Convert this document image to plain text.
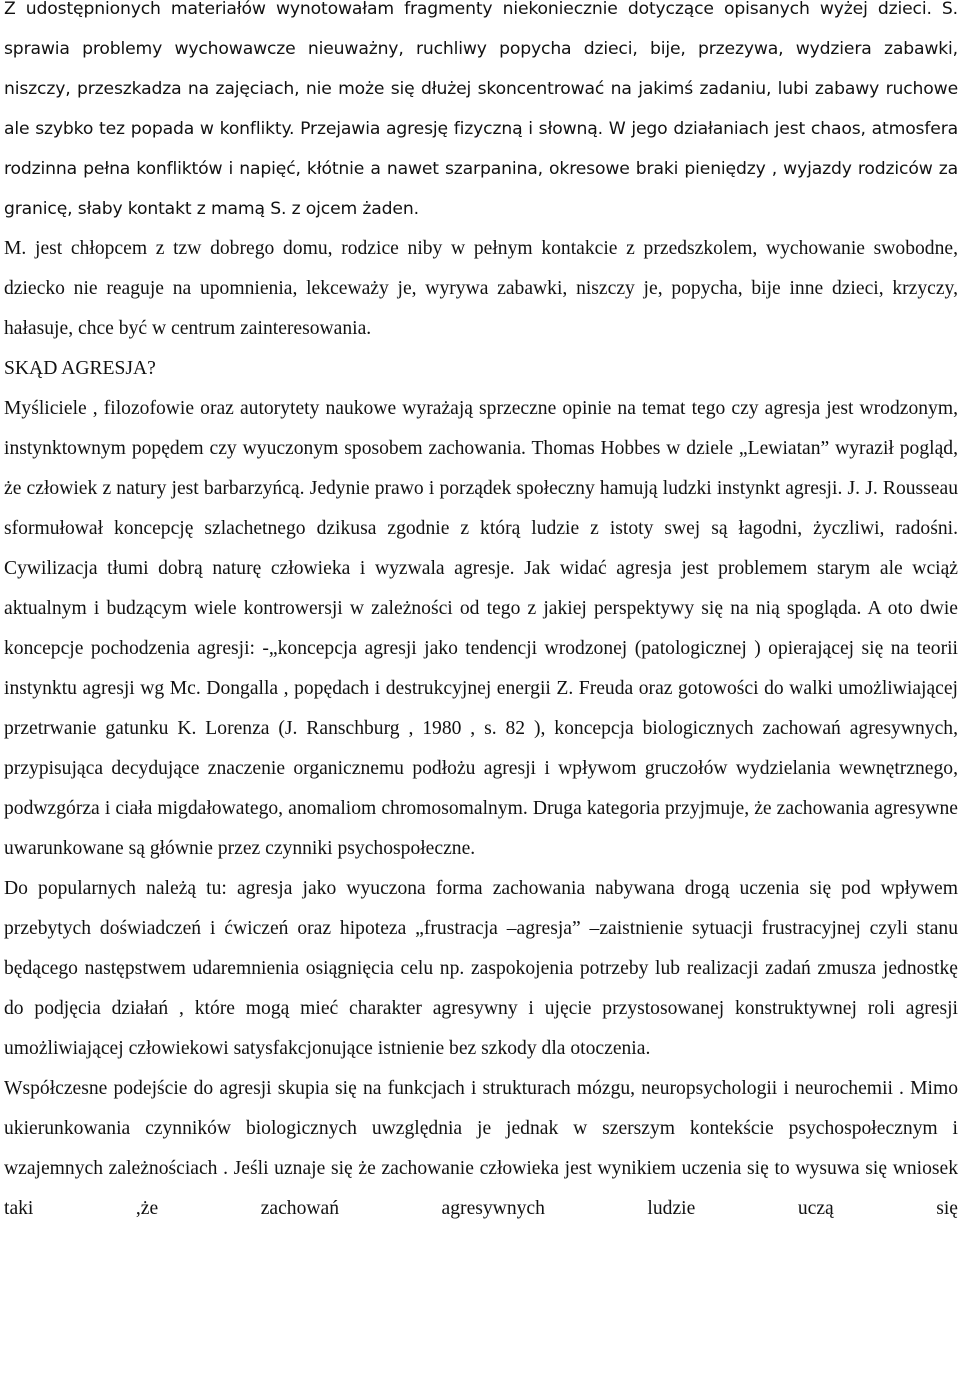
Z udostępnionych materiałów wynotowałam fragmenty niekoniecznie dotyczące opisanych wyżej dzieci. S. sprawia problemy wychowawcze nieuważny, ruchliwy popycha dzieci, bije, przezywa, wydziera zabawki, niszczy, przeszkadza na zajęciach, nie może się dłużej skoncentrować na jakimś zadaniu, lubi zabawy ruchowe ale szybko tez popada w konflikty. Przejawia agresję fizyczną i słowną. W jego działaniach jest chaos, atmosfera rodzinna pełna konfliktów i napięć, kłótnie a nawet szarpanina, okresowe braki pieniędzy , wyjazdy rodziców za granicę, słaby kontakt z mamą S. z ojcem żaden.

M. jest chłopcem z tzw dobrego domu, rodzice niby w pełnym kontakcie z przedszkolem, wychowanie swobodne, dziecko nie reaguje na upomnienia, lekceważy je, wyrywa zabawki, niszczy je, popycha, bije inne dzieci, krzyczy, hałasuje, chce być w centrum zainteresowania.

SKĄD AGRESJA?

Myśliciele , filozofowie oraz autorytety naukowe wyrażają sprzeczne opinie na temat tego czy agresja jest wrodzonym, instynktownym popędem czy wyuczonym sposobem zachowania. Thomas Hobbes w dziele „Lewiatan” wyraził pogląd, że człowiek z natury jest barbarzyńcą. Jedynie prawo i porządek społeczny hamują ludzki instynkt agresji. J. J. Rousseau sformułował koncepcję szlachetnego dzikusa zgodnie z którą ludzie z istoty swej są łagodni, życzliwi, radośni. Cywilizacja tłumi dobrą naturę człowieka i wyzwala agresje. Jak widać agresja jest problemem starym ale wciąż aktualnym i budzącym wiele kontrowersji w zależności od tego z jakiej perspektywy się na nią spogląda. A oto dwie koncepcje pochodzenia agresji: -„koncepcja agresji jako tendencji wrodzonej (patologicznej ) opierającej się na teorii instynktu agresji wg Mc. Dongalla , popędach i destrukcyjnej energii Z. Freuda oraz gotowości do walki umożliwiającej przetrwanie gatunku K. Lorenza (J. Ranschburg , 1980 , s. 82 ), koncepcja biologicznych zachowań agresywnych, przypisująca decydujące znaczenie organicznemu podłożu agresji i wpływom gruczołów wydzielania wewnętrznego, podwzgórza i ciała migdałowatego, anomaliom chromosomalnym. Druga kategoria przyjmuje, że zachowania agresywne uwarunkowane są głównie przez czynniki psychospołeczne.

Do popularnych należą tu: agresja jako wyuczona forma zachowania nabywana drogą uczenia się pod wpływem przebytych doświadczeń i ćwiczeń oraz hipoteza „frustracja –agresja” –zaistnienie sytuacji frustracyjnej czyli stanu będącego następstwem udaremnienia osiągnięcia celu np. zaspokojenia potrzeby lub realizacji zadań zmusza jednostkę do podjęcia działań , które mogą mieć charakter agresywny i ujęcie przystosowanej konstruktywnej roli agresji umożliwiającej człowiekowi satysfakcjonujące istnienie bez szkody dla otoczenia.

Współczesne podejście do agresji skupia się na funkcjach i strukturach mózgu, neuropsychologii i neurochemii . Mimo ukierunkowania czynników biologicznych uwzględnia je jednak w szerszym kontekście psychospołecznym i wzajemnych zależnościach . Jeśli uznaje się że zachowanie człowieka jest wynikiem uczenia się to wysuwa się wniosek taki ,że zachowań agresywnych ludzie uczą się
